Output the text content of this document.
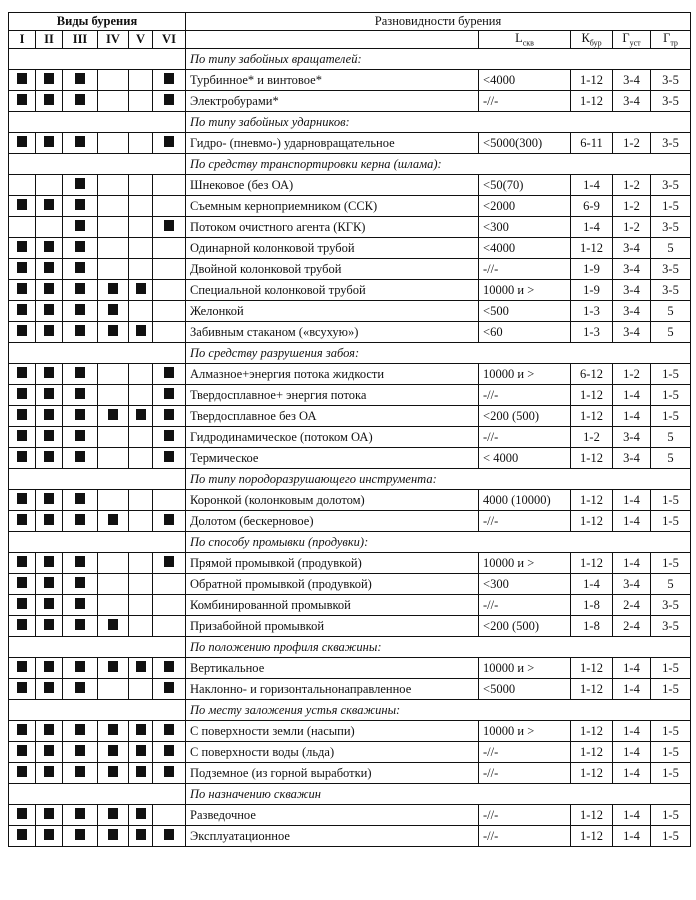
Виды бурения						Разновидности бурения				
I	II	III	IV	V	VI		$L_{скв}$	$К_{бур}$	$Г_{уст}$	$Г_{тр}$
						По типу забойных вращателей:				
						Турбинное* и винтовое*	<4000	1-12	3-4	3-5
						Электробурами*	-//-	1-12	3-4	3-5
						По типу забойных ударников:				
						Гидро- (пневмо-) ударновращательное	<5000(300)	6-11	1-2	3-5
						По средству транспортировки керна (шлама):				
						Шнековое (без ОА)	<50(70)	1-4	1-2	3-5
						Съемным керноприемником (ССК)	<2000	6-9	1-2	1-5
						Потоком очистного агента (КГК)	<300	1-4	1-2	3-5
						Одинарной колонковой трубой	<4000	1-12	3-4	5
						Двойной колонковой трубой	-//-	1-9	3-4	3-5
						Специальной колонковой трубой	10000 и >	1-9	3-4	3-5
						Желонкой	<500	1-3	3-4	5
						Забивным стаканом («всухую»)	<60	1-3	3-4	5
						По средству разрушения забоя:				
						Алмазное+энергия потока жидкости	10000 и >	6-12	1-2	1-5
						Твердосплавное+ энергия потока	-//-	1-12	1-4	1-5
						Твердосплавное без ОА	<200 (500)	1-12	1-4	1-5
						Гидродинамическое (потоком ОА)	-//-	1-2	3-4	5
						Термическое	< 4000	1-12	3-4	5
						По типу породоразрушающего инструмента:				
						Коронкой (колонковым долотом)	4000 (10000)	1-12	1-4	1-5
						Долотом (бескерновое)	-//-	1-12	1-4	1-5
						По способу промывки (продувки):				
						Прямой промывкой (продувкой)	10000 и >	1-12	1-4	1-5
						Обратной промывкой (продувкой)	<300	1-4	3-4	5
						Комбинированной промывкой	-//-	1-8	2-4	3-5
						Призабойной промывкой	<200 (500)	1-8	2-4	3-5
						По положению профиля скважины:				
						Вертикальное	10000 и >	1-12	1-4	1-5
						Наклонно- и горизонтальнонаправленное	<5000	1-12	1-4	1-5
						По месту заложения устья скважины:				
						С поверхности земли (насыпи)	10000 и >	1-12	1-4	1-5
						С поверхности воды (льда)	-//-	1-12	1-4	1-5
						Подземное (из горной выработки)	-//-	1-12	1-4	1-5
						По назначению скважин				
						Разведочное	-//-	1-12	1-4	1-5
						Эксплуатационное	-//-	1-12	1-4	1-5
